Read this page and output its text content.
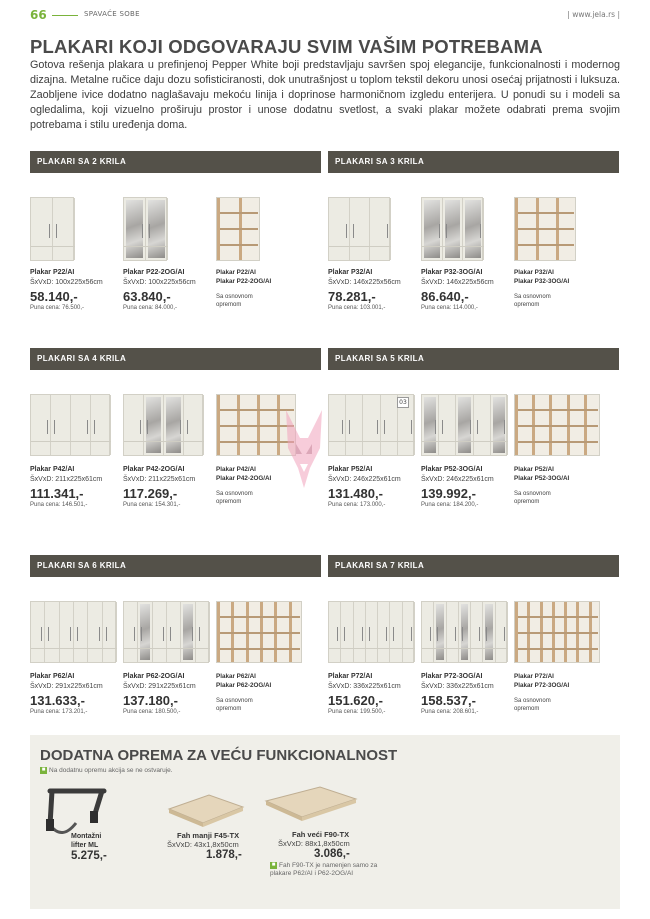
66	SPAVAĆE SOBE	| www.jela.rs |
PLAKARI KOJI ODGOVARAJU SVIM VAŠIM POTREBAMA

Gotova rešenja plakara u prefinjenoj Pepper White boji predstavljaju savršen spoj elegancije, funkcionalnosti i modernog dizajna. Metalne ručice daju dozu sofisticiranosti, dok unutrašnjost u toplom tekstil dekoru unosi osećaj prijatnosti i luksuza. Zaobljene ivice dodatno naglašavaju mekoću linija i doprinose harmoničnom izgledu enterijera. U ponudi su i modeli sa ogledalima, koji vizuelno proširuju prostor i unose dodatnu svetlost, a svaki plakar možete odabrati prema svojim potrebama i stilu uređenja doma.

PLAKARI SA 2 KRILA
Plakar P22/AI
ŠxVxD: 100x225x56cm
58.140,-
Puna cena: 76.500,-
Plakar P22-2OG/AI
ŠxVxD: 100x225x56cm
63.840,-
Puna cena: 84.000,-
Plakar P22/AI
Plakar P22-2OG/AI
Sa osnovnom opremom
PLAKARI SA 3 KRILA
Plakar P32/AI
ŠxVxD: 146x225x56cm
78.281,-
Puna cena: 103.001,-
Plakar P32-3OG/AI
ŠxVxD: 146x225x56cm
86.640,-
Puna cena: 114.000,-
Plakar P32/AI
Plakar P32-3OG/AI
Sa osnovnom opremom
PLAKARI SA 4 KRILA
Plakar P42/AI
ŠxVxD: 211x225x61cm
111.341,-
Puna cena: 146.501,-
Plakar P42-2OG/AI
ŠxVxD: 211x225x61cm
117.269,-
Puna cena: 154.301,-
Plakar P42/AI
Plakar P42-2OG/AI
Sa osnovnom opremom
PLAKARI SA 5 KRILA
Plakar P52/AI
ŠxVxD: 246x225x61cm
131.480,-
Puna cena: 173.000,-
Plakar P52-3OG/AI
ŠxVxD: 246x225x61cm
139.992,-
Puna cena: 184.200,-
Plakar P52/AI
Plakar P52-3OG/AI
Sa osnovnom opremom
PLAKARI SA 6 KRILA
Plakar P62/AI
ŠxVxD: 291x225x61cm
131.633,-
Puna cena: 173.201,-
Plakar P62-2OG/AI
ŠxVxD: 291x225x61cm
137.180,-
Puna cena: 180.500,-
Plakar P62/AI
Plakar P62-2OG/AI
Sa osnovnom opremom
PLAKARI SA 7 KRILA
Plakar P72/AI
ŠxVxD: 336x225x61cm
151.620,-
Puna cena: 199.500,-
Plakar P72-3OG/AI
ŠxVxD: 336x225x61cm
158.537,-
Puna cena: 208.601,-
Plakar P72/AI
Plakar P72-3OG/AI
Sa osnovnom opremom
03
DODATNA OPREMA ZA VEĆU FUNKCIONALNOST
■ Na dodatnu opremu akcija se ne ostvaruje.
Montažni lifter ML
5.275,-
Fah manji F45-TX
ŠxVxD: 43x1,8x50cm
1.878,-
Fah veći F90-TX
ŠxVxD: 88x1,8x50cm
3.086,-
■ Fah F90-TX je namenjen samo za plakare P62/AI i P62-2OG/AI
